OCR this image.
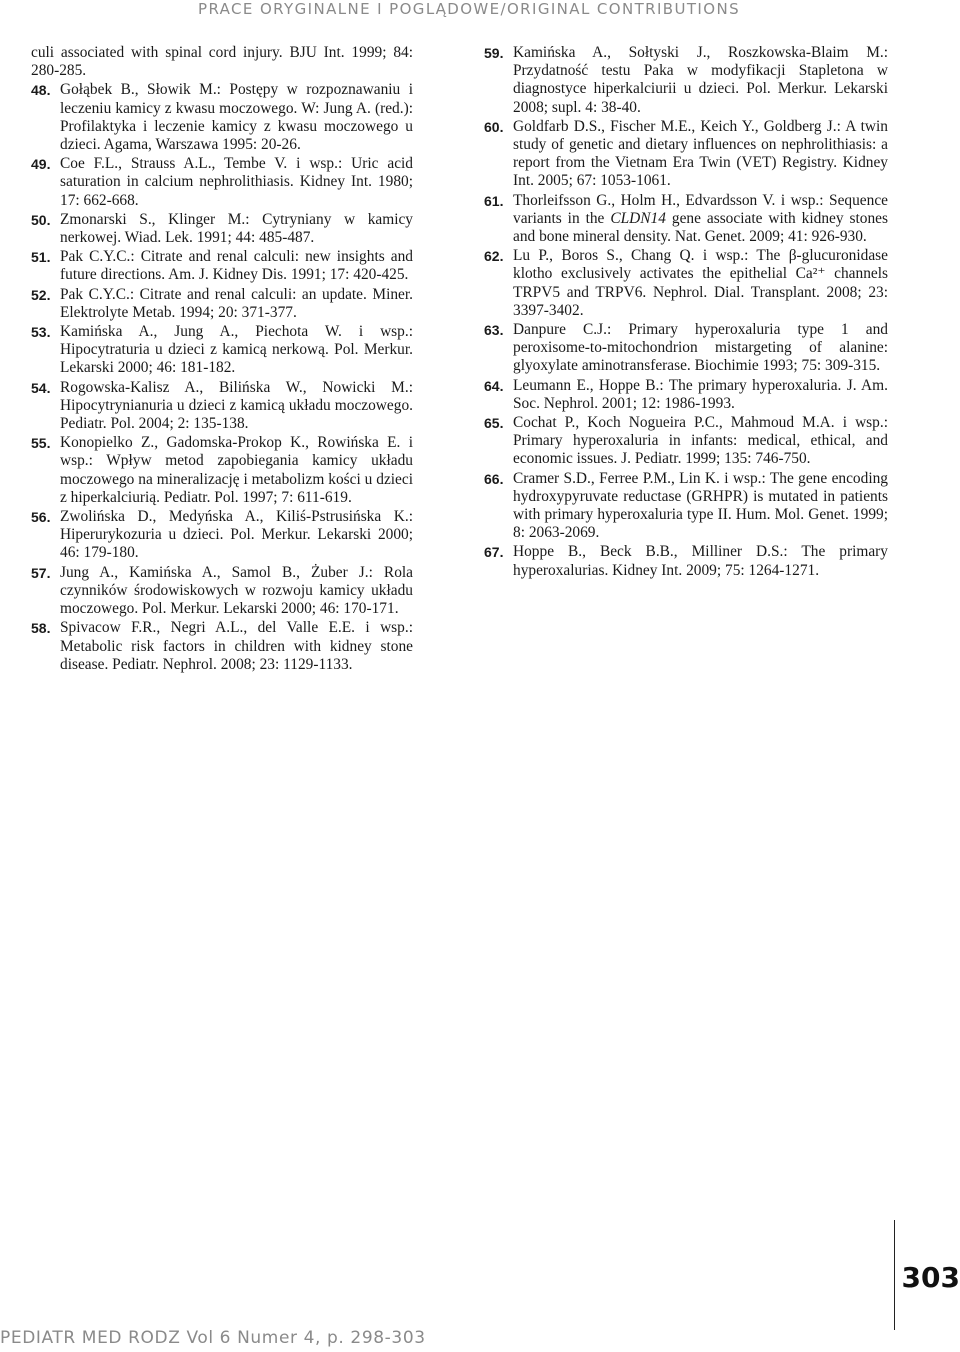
PRACE ORYGINALNE I POGLĄDOWE/ORIGINAL CONTRIBUTIONS
culi associated with spinal cord injury. BJU Int. 1999; 84: 280-285.
48. Gołąbek B., Słowik M.: Postępy w rozpoznawaniu i leczeniu kamicy z kwasu moczowego. W: Jung A. (red.): Profilaktyka i leczenie kamicy z kwasu moczowego u dzieci. Agama, Warszawa 1995: 20-26.
49. Coe F.L., Strauss A.L., Tembe V. i wsp.: Uric acid saturation in calcium nephrolithiasis. Kidney Int. 1980; 17: 662-668.
50. Zmonarski S., Klinger M.: Cytryniany w kamicy nerkowej. Wiad. Lek. 1991; 44: 485-487.
51. Pak C.Y.C.: Citrate and renal calculi: new insights and future directions. Am. J. Kidney Dis. 1991; 17: 420-425.
52. Pak C.Y.C.: Citrate and renal calculi: an update. Miner. Elektrolyte Metab. 1994; 20: 371-377.
53. Kamińska A., Jung A., Piechota W. i wsp.: Hipocytraturia u dzieci z kamicą nerkową. Pol. Merkur. Lekarski 2000; 46: 181-182.
54. Rogowska-Kalisz A., Bilińska W., Nowicki M.: Hipocytrynianuria u dzieci z kamicą układu moczowego. Pediatr. Pol. 2004; 2: 135-138.
55. Konopielko Z., Gadomska-Prokop K., Rowińska E. i wsp.: Wpływ metod zapobiegania kamicy układu moczowego na mineralizację i metabolizm kości u dzieci z hiperkalciurią. Pediatr. Pol. 1997; 7: 611-619.
56. Zwolińska D., Medyńska A., Kiliś-Pstrusińska K.: Hiperurykozuria u dzieci. Pol. Merkur. Lekarski 2000; 46: 179-180.
57. Jung A., Kamińska A., Samol B., Żuber J.: Rola czynników środowiskowych w rozwoju kamicy układu moczowego. Pol. Merkur. Lekarski 2000; 46: 170-171.
58. Spivacow F.R., Negri A.L., del Valle E.E. i wsp.: Metabolic risk factors in children with kidney stone disease. Pediatr. Nephrol. 2008; 23: 1129-1133.
59. Kamińska A., Sołtyski J., Roszkowska-Blaim M.: Przydatność testu Paka w modyfikacji Stapletona w diagnostyce hiperkalciurii u dzieci. Pol. Merkur. Lekarski 2008; supl. 4: 38-40.
60. Goldfarb D.S., Fischer M.E., Keich Y., Goldberg J.: A twin study of genetic and dietary influences on nephrolithiasis: a report from the Vietnam Era Twin (VET) Registry. Kidney Int. 2005; 67: 1053-1061.
61. Thorleifsson G., Holm H., Edvardsson V. i wsp.: Sequence variants in the CLDN14 gene associate with kidney stones and bone mineral density. Nat. Genet. 2009; 41: 926-930.
62. Lu P., Boros S., Chang Q. i wsp.: The β-glucuronidase klotho exclusively activates the epithelial Ca²⁺ channels TRPV5 and TRPV6. Nephrol. Dial. Transplant. 2008; 23: 3397-3402.
63. Danpure C.J.: Primary hyperoxaluria type 1 and peroxisome-to-mitochondrion mistargeting of alanine: glyoxylate aminotransferase. Biochimie 1993; 75: 309-315.
64. Leumann E., Hoppe B.: The primary hyperoxaluria. J. Am. Soc. Nephrol. 2001; 12: 1986-1993.
65. Cochat P., Koch Nogueira P.C., Mahmoud M.A. i wsp.: Primary hyperoxaluria in infants: medical, ethical, and economic issues. J. Pediatr. 1999; 135: 746-750.
66. Cramer S.D., Ferree P.M., Lin K. i wsp.: The gene encoding hydroxypyruvate reductase (GRHPR) is mutated in patients with primary hyperoxaluria type II. Hum. Mol. Genet. 1999; 8: 2063-2069.
67. Hoppe B., Beck B.B., Milliner D.S.: The primary hyperoxalurias. Kidney Int. 2009; 75: 1264-1271.
303
PEDIATR MED RODZ Vol 6 Numer 4, p. 298-303
